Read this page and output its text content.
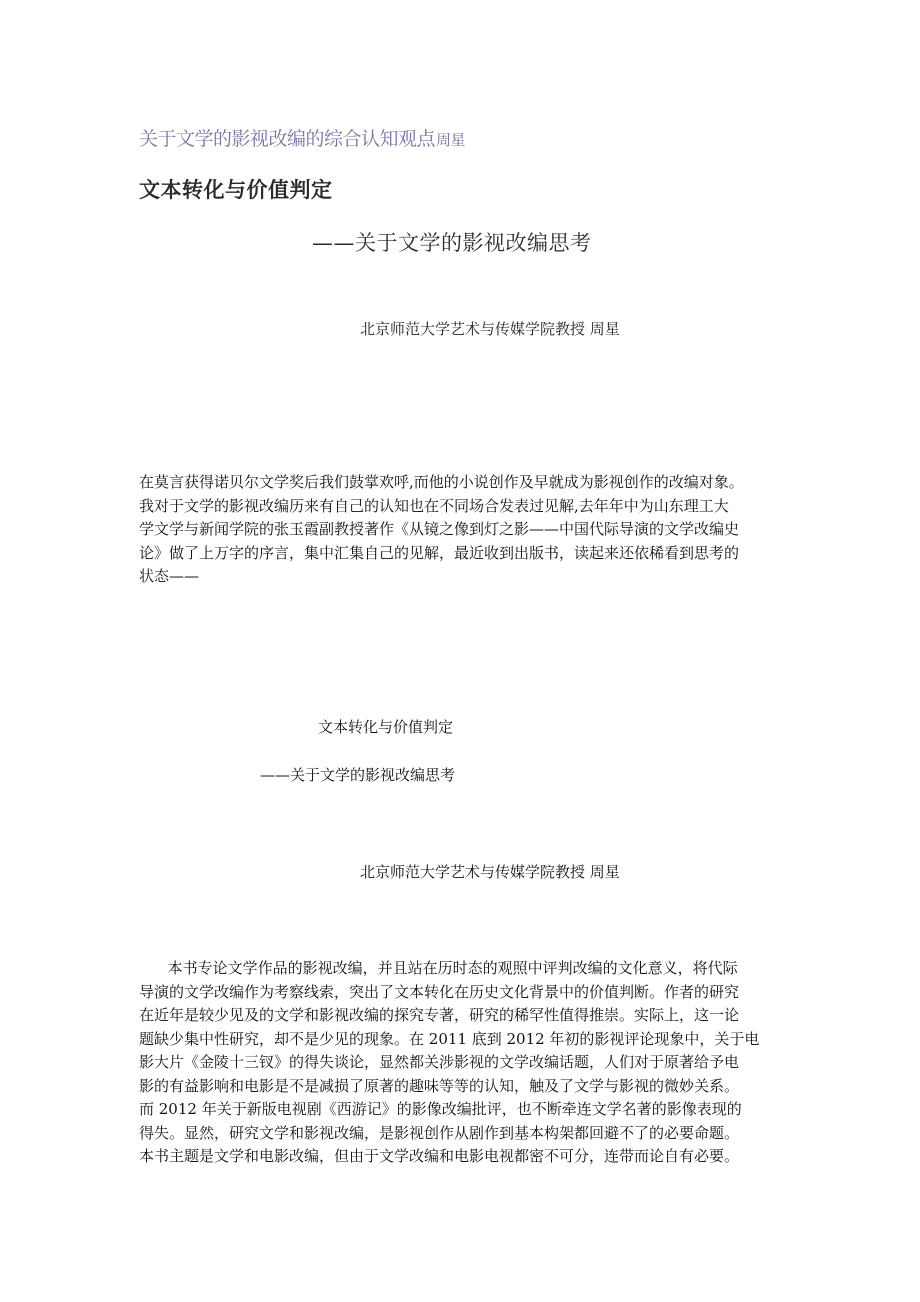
关于文学的影视改编的综合认知观点周星
文本转化与价值判定
——关于文学的影视改编思考
北京师范大学艺术与传媒学院教授 周星
在莫言获得诺贝尔文学奖后我们鼓掌欢呼,而他的小说创作及早就成为影视创作的改编对象。
我对于文学的影视改编历来有自己的认知也在不同场合发表过见解,去年年中为山东理工大
学文学与新闻学院的张玉霞副教授著作《从镜之像到灯之影——中国代际导演的文学改编史
论》做了上万字的序言，集中汇集自己的见解，最近收到出版书，读起来还依稀看到思考的
状态——
文本转化与价值判定
——关于文学的影视改编思考
北京师范大学艺术与传媒学院教授 周星
本书专论文学作品的影视改编，并且站在历时态的观照中评判改编的文化意义，将代际
导演的文学改编作为考察线索，突出了文本转化在历史文化背景中的价值判断。作者的研究
在近年是较少见及的文学和影视改编的探究专著，研究的稀罕性值得推崇。实际上，这一论
题缺少集中性研究，却不是少见的现象。在 2011 底到 2012 年初的影视评论现象中，关于电
影大片《金陵十三钗》的得失谈论，显然都关涉影视的文学改编话题，人们对于原著给予电
影的有益影响和电影是不是减损了原著的趣味等等的认知，触及了文学与影视的微妙关系。
而 2012 年关于新版电视剧《西游记》的影像改编批评，也不断牵连文学名著的影像表现的
得失。显然，研究文学和影视改编，是影视创作从剧作到基本构架都回避不了的必要命题。
本书主题是文学和电影改编，但由于文学改编和电影电视都密不可分，连带而论自有必要。
